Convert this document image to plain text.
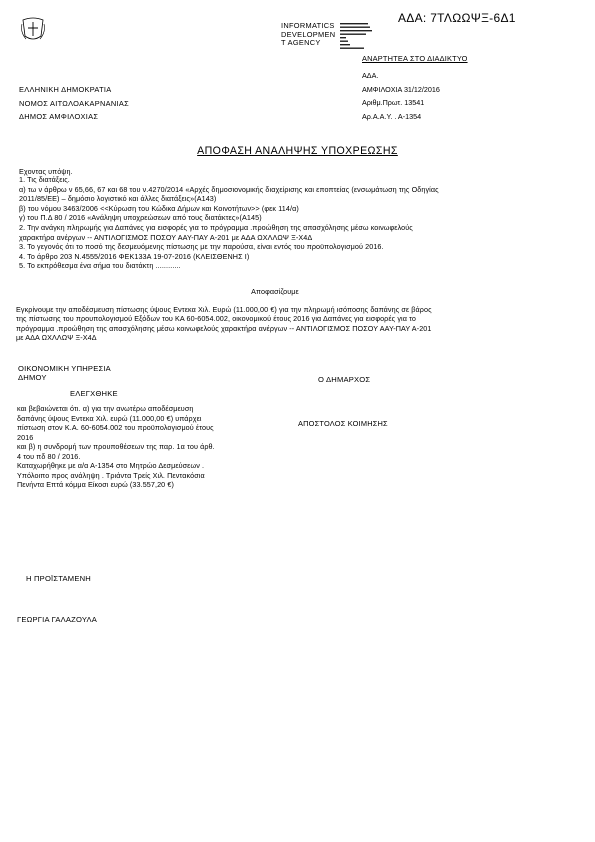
ΑΔΑ: 7ΤΛΩΩΨΞ-6Δ1
INFORMATICS
DEVELOPMEN
T AGENCY
ΑΝΑΡΤΗΤΕΑ ΣΤΟ ΔΙΑΔΙΚΤΥΟ
ΑΔΑ.
ΑΜΦΙΛΟΧΙΑ 31/12/2016
Αριθμ.Πρωτ. 13541
Αρ.Α.Α.Υ. . Α-1354
ΕΛΛΗΝΙΚΗ ΔΗΜΟΚΡΑΤΙΑ
ΝΟΜΟΣ ΑΙΤΩΛΟΑΚΑΡΝΑΝΙΑΣ
ΔΗΜΟΣ ΑΜΦΙΛΟΧΙΑΣ
ΑΠΟΦΑΣΗ ΑΝΑΛΗΨΗΣ ΥΠΟΧΡΕΩΣΗΣ
Εχοντας υπόψη.
1. Τις διατάξεις.
α) τω ν άρθρω ν 65,66, 67 και 68 του ν.4270/2014 «Αρχές δημοσιονομικής διαχείρισης και εποπτείας (ενσωμάτωση της Οδηγίας
2011/85/ΕΕ) – δημόσιο λογιστικό και άλλες διατάξεις»(Α143)
β) του νόμου 3463/2006 <<Κύρωση του Κώδικα Δήμων και Κοινοτήτων>> (φεκ 114/α)
γ) του Π.Δ 80 / 2016 «Ανάληψη υποχρεώσεων από τους διατάκτες»(Α145)
2. Την ανάγκη πληρωμής για Δαπάνες για εισφορές για το πρόγραμμα .προώθηση της απασχόλησης μέσω κοινωφελούς
χαρακτήρα ανέργων -- ΑΝΤΙΛΟΓΙΣΜΟΣ ΠΟΣΟΥ ΑΑΥ-ΠΑΥ Α-201 με ΑΔΑ ΩΧΛΛΩΨ Ξ-Χ4Δ
3. Το γεγονός ότι το ποσό της δεσμευόμενης πίστωσης με την παρούσα, είναι εντός του προϋπολογισμού 2016.
4. Το άρθρο 203 Ν.4555/2016 ΦΕΚ133Α 19-07-2016 (ΚΛΕΙΣΘΕΝΗΣ Ι)
5. Το εκπρόθεσμα ένα σήμα του διατάκτη ............
Αποφασίζουμε
Εγκρίνουμε την αποδέσμευση πίστωσης ύψους Εντεκα Χιλ. Ευρώ (11.000,00 €) για την πληρωμή ισόποσης δαπάνης σε βάρος
της πίστωσης του προυπολογισμού Εξόδων του ΚΑ 60-6054.002, οικονομικού έτους 2016 για Δαπάνες για εισφορές για το
πρόγραμμα .προώθηση της απασχόλησης μέσω κοινωφελούς χαρακτήρα ανέργων -- ΑΝΤΙΛΟΓΙΣΜΟΣ ΠΟΣΟΥ ΑΑΥ-ΠΑΥ Α-201
με ΑΔΑ ΩΧΛΛΩΨ Ξ-Χ4Δ
ΟΙΚΟΝΟΜΙΚΗ ΥΠΗΡΕΣΙΑ
ΔΗΜΟΥ	Ο ΔΗΜΑΡΧΟΣ
ΕΛΕΓΧΘΗΚΕ
ΑΠΟΣΤΟΛΟΣ ΚΟΙΜΗΣΗΣ
και βεβαιώνεται ότι. α) για την ανωτέρω αποδέσμευση
δαπάνης ύψους Εντεκα Χιλ. ευρώ (11.000,00 €) υπάρχει
πίστωση στον Κ.Α. 60-6054.002 του προϋπολογισμού έτους
2016
και β) η συνδρομή των προυποθέσεων της παρ. 1α του άρθ.
4 του πδ 80 / 2016.
Καταχωρήθηκε με α/α Α-1354 στο Μητρώο Δεσμεύσεων .
Υπόλοιπο προς ανάληψη . Τριάντα Τρείς Χιλ. Πεντακόσια
Πενήντα Επτά κόμμα Είκοσι ευρώ (33.557,20 €)
Η ΠΡΟΪΣΤΑΜΕΝΗ
ΓΕΩΡΓΙΑ ΓΑΛΑΖΟΥΛΑ
